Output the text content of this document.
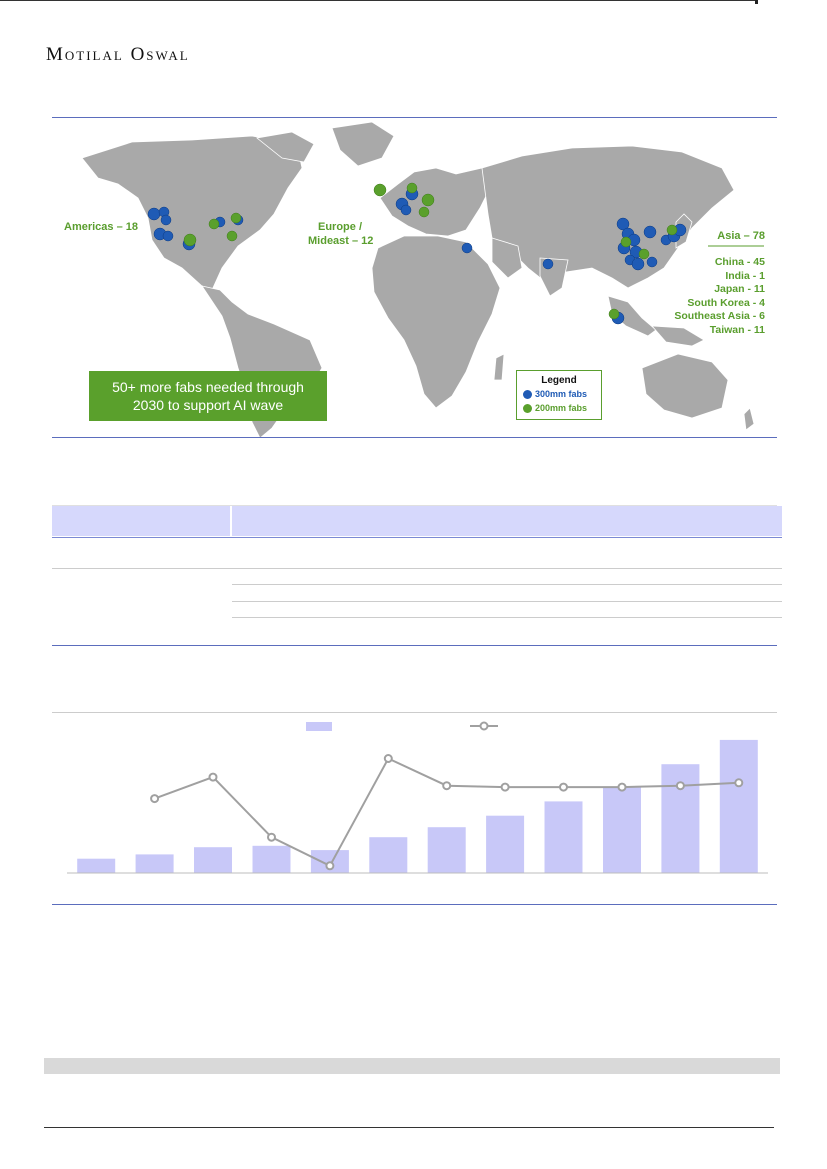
Motilal Oswal
Americas – 18	Europe /
Mideast – 12	Asia – 78
China - 45
India - 1
Japan - 11
South Korea - 4
Southeast Asia - 6
Taiwan - 11
50+ more fabs needed through
2030 to support AI wave
Legend
300mm fabs
200mm fabs
